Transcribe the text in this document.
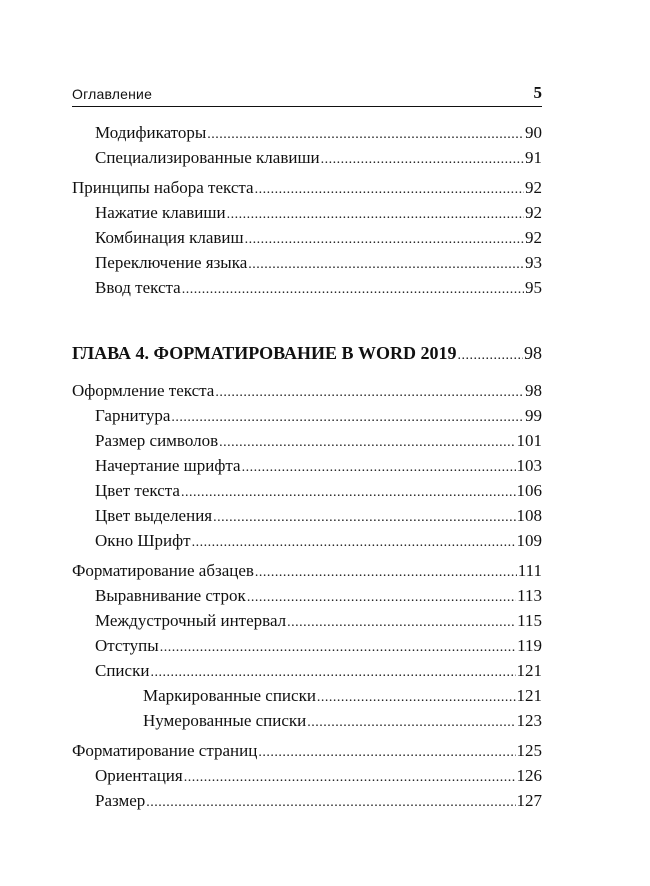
Оглавление	5
Модификаторы .....	90
Специализированные клавиши .....	91
Принципы набора текста .....	92
Нажатие клавиши .....	92
Комбинация клавиш .....	92
Переключение языка .....	93
Ввод текста .....	95
ГЛАВА 4. ФОРМАТИРОВАНИЕ В WORD 2019 .....	98
Оформление текста .....	98
Гарнитура .....	99
Размер символов .....	101
Начертание шрифта .....	103
Цвет текста .....	106
Цвет выделения .....	108
Окно Шрифт .....	109
Форматирование абзацев .....	111
Выравнивание строк .....	113
Междустрочный интервал .....	115
Отступы .....	119
Списки .....	121
Маркированные списки .....	121
Нумерованные списки .....	123
Форматирование страниц .....	125
Ориентация .....	126
Размер .....	127
